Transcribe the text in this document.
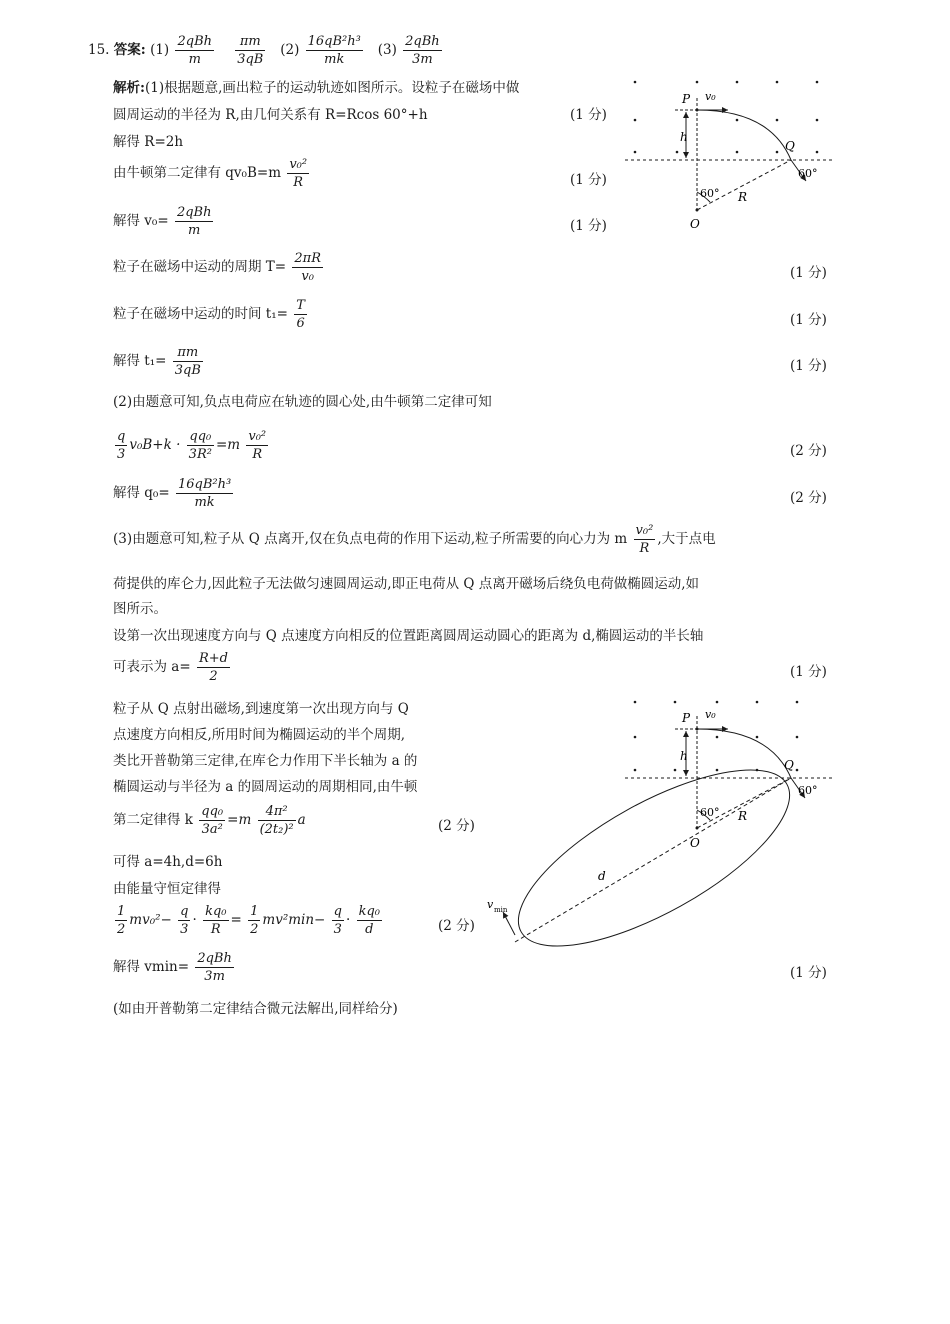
15. 答案: $(1) \frac{\text{2qBh}}{m}$
$\frac{\pi m}{3qB} (2) \frac{\text{16qB²h³}}{mk} (3) \frac{\text{2qBh}}{3m}$
解析:(1)根据题意,画出粒子的运动轨迹如图所示。设粒子在磁场中做
圆周运动的半径为 R,由几何关系有 R=Rcos 60°+h	(1 分)
解得 R=2h
由牛顿第二定律有 $qv_0B=m \frac{\text{v₀²}}{R}$	(1 分)
解得 $v_0= \frac{\text{2qBh}}{m}$	(1 分)
粒子在磁场中运动的周期 $T= \frac{2\pi R}{\text{v₀}}$	(1 分)
粒子在磁场中运动的时间 $t_1= \frac{T}{6}$	(1 分)
解得 $t_1= \frac{\pi m}{3qB}$	(1 分)
(2)由题意可知,负点电荷应在轨迹的圆心处,由牛顿第二定律可知
$\frac{q}{3} v_0B+k \cdot \frac{\text{qq₀}}{\text{3R²}} =m \frac{\text{v₀²}}{R}$	(2 分)
解得 $q_0= \frac{\text{16qB²h³}}{mk}$	(2 分)
(3)由题意可知,粒子从 Q 点离开,仅在负点电荷的作用下运动,粒子所需要的向心力为 m $\frac{\text{v₀²}}{R}$ ,大于点电
荷提供的库仑力,因此粒子无法做匀速圆周运动,即正电荷从 Q 点离开磁场后绕负电荷做椭圆运动,如
图所示。
设第一次出现速度方向与 Q 点速度方向相反的位置距离圆周运动圆心的距离为 d,椭圆运动的半长轴
可表示为 $a= \frac{R+d}{2}$	(1 分)
粒子从 Q 点射出磁场,到速度第一次出现方向与 Q
点速度方向相反,所用时间为椭圆运动的半个周期,
类比开普勒第三定律,在库仑力作用下半长轴为 a 的
椭圆运动与半径为 a 的圆周运动的周期相同,由牛顿
第二定律得 k $\frac{\text{qq₀}}{\text{3a²}} =m \frac{\text{4π²}}{\text{(2t₂)²}}$ a	(2 分)
可得 a=4h,d=6h
由能量守恒定律得
$\frac{1}{2} mv_0^2- \frac{q}{3} \cdot \frac{\text{kq₀}}{R} = \frac{1}{2} mv^2\min- \frac{q}{3} \cdot \frac{\text{kq₀}}{d}$	(2 分)
解得 $vmin= \frac{\text{2qBh}}{3m}$	(1 分)
(如由开普勒第二定律结合微元法解出,同样给分)
P v₀
h
Q
60°
60° R
O
P v₀
h
Q
60°
60° R
O
d
v min
